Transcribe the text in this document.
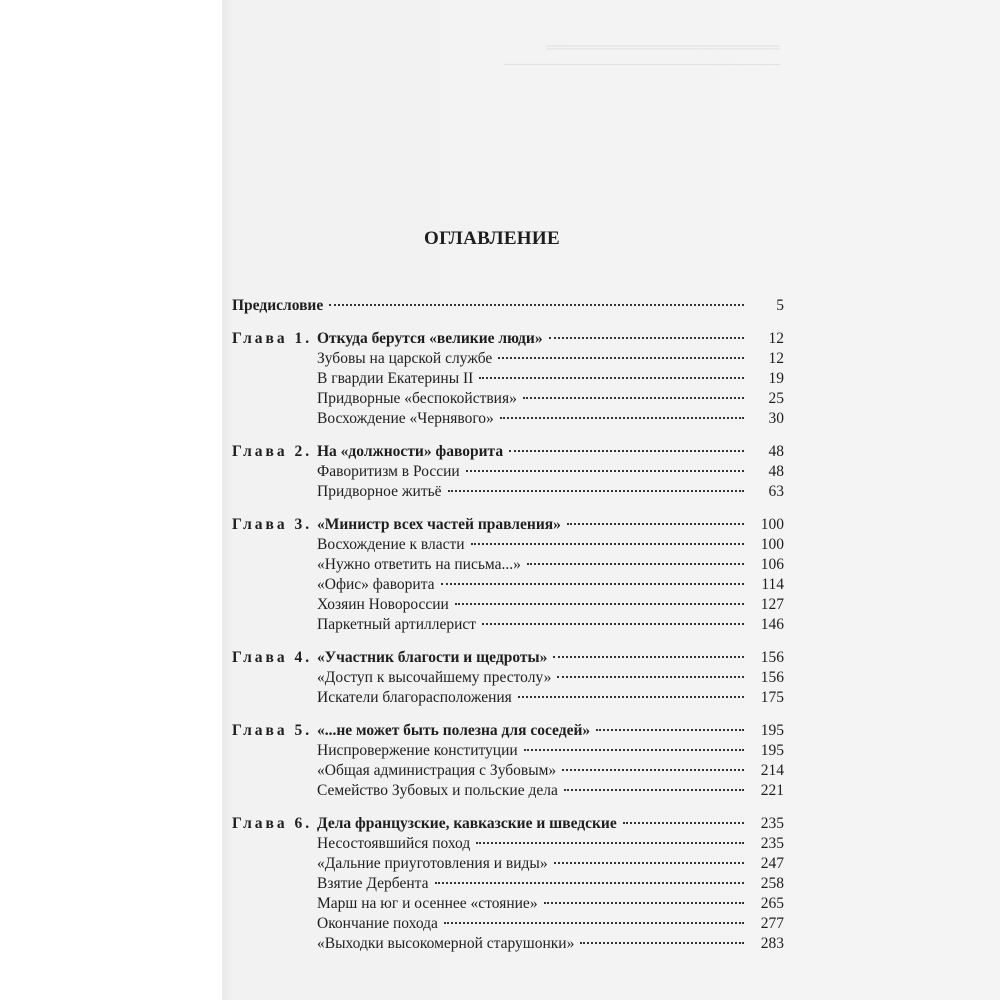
══════════════════════
──────────────────────────
ОГЛАВЛЕНИЕ
Предисловие	5
Глава 1. Откуда берутся «великие люди»	12
Зубовы на царской службе	12
В гвардии Екатерины II	19
Придворные «беспокойствия»	25
Восхождение «Чернявого»	30
Глава 2. На «должности» фаворита	48
Фаворитизм в России	48
Придворное житьё	63
Глава 3. «Министр всех частей правления»	100
Восхождение к власти	100
«Нужно ответить на письма...»	106
«Офис» фаворита	114
Хозяин Новороссии	127
Паркетный артиллерист	146
Глава 4. «Участник благости и щедроты»	156
«Доступ к высочайшему престолу»	156
Искатели благорасположения	175
Глава 5. «...не может быть полезна для соседей»	195
Ниспровержение конституции	195
«Общая администрация с Зубовым»	214
Семейство Зубовых и польские дела	221
Глава 6. Дела французские, кавказские и шведские	235
Несостоявшийся поход	235
«Дальние приуготовления и виды»	247
Взятие Дербента	258
Марш на юг и осеннее «стояние»	265
Окончание похода	277
«Выходки высокомерной старушонки»	283
